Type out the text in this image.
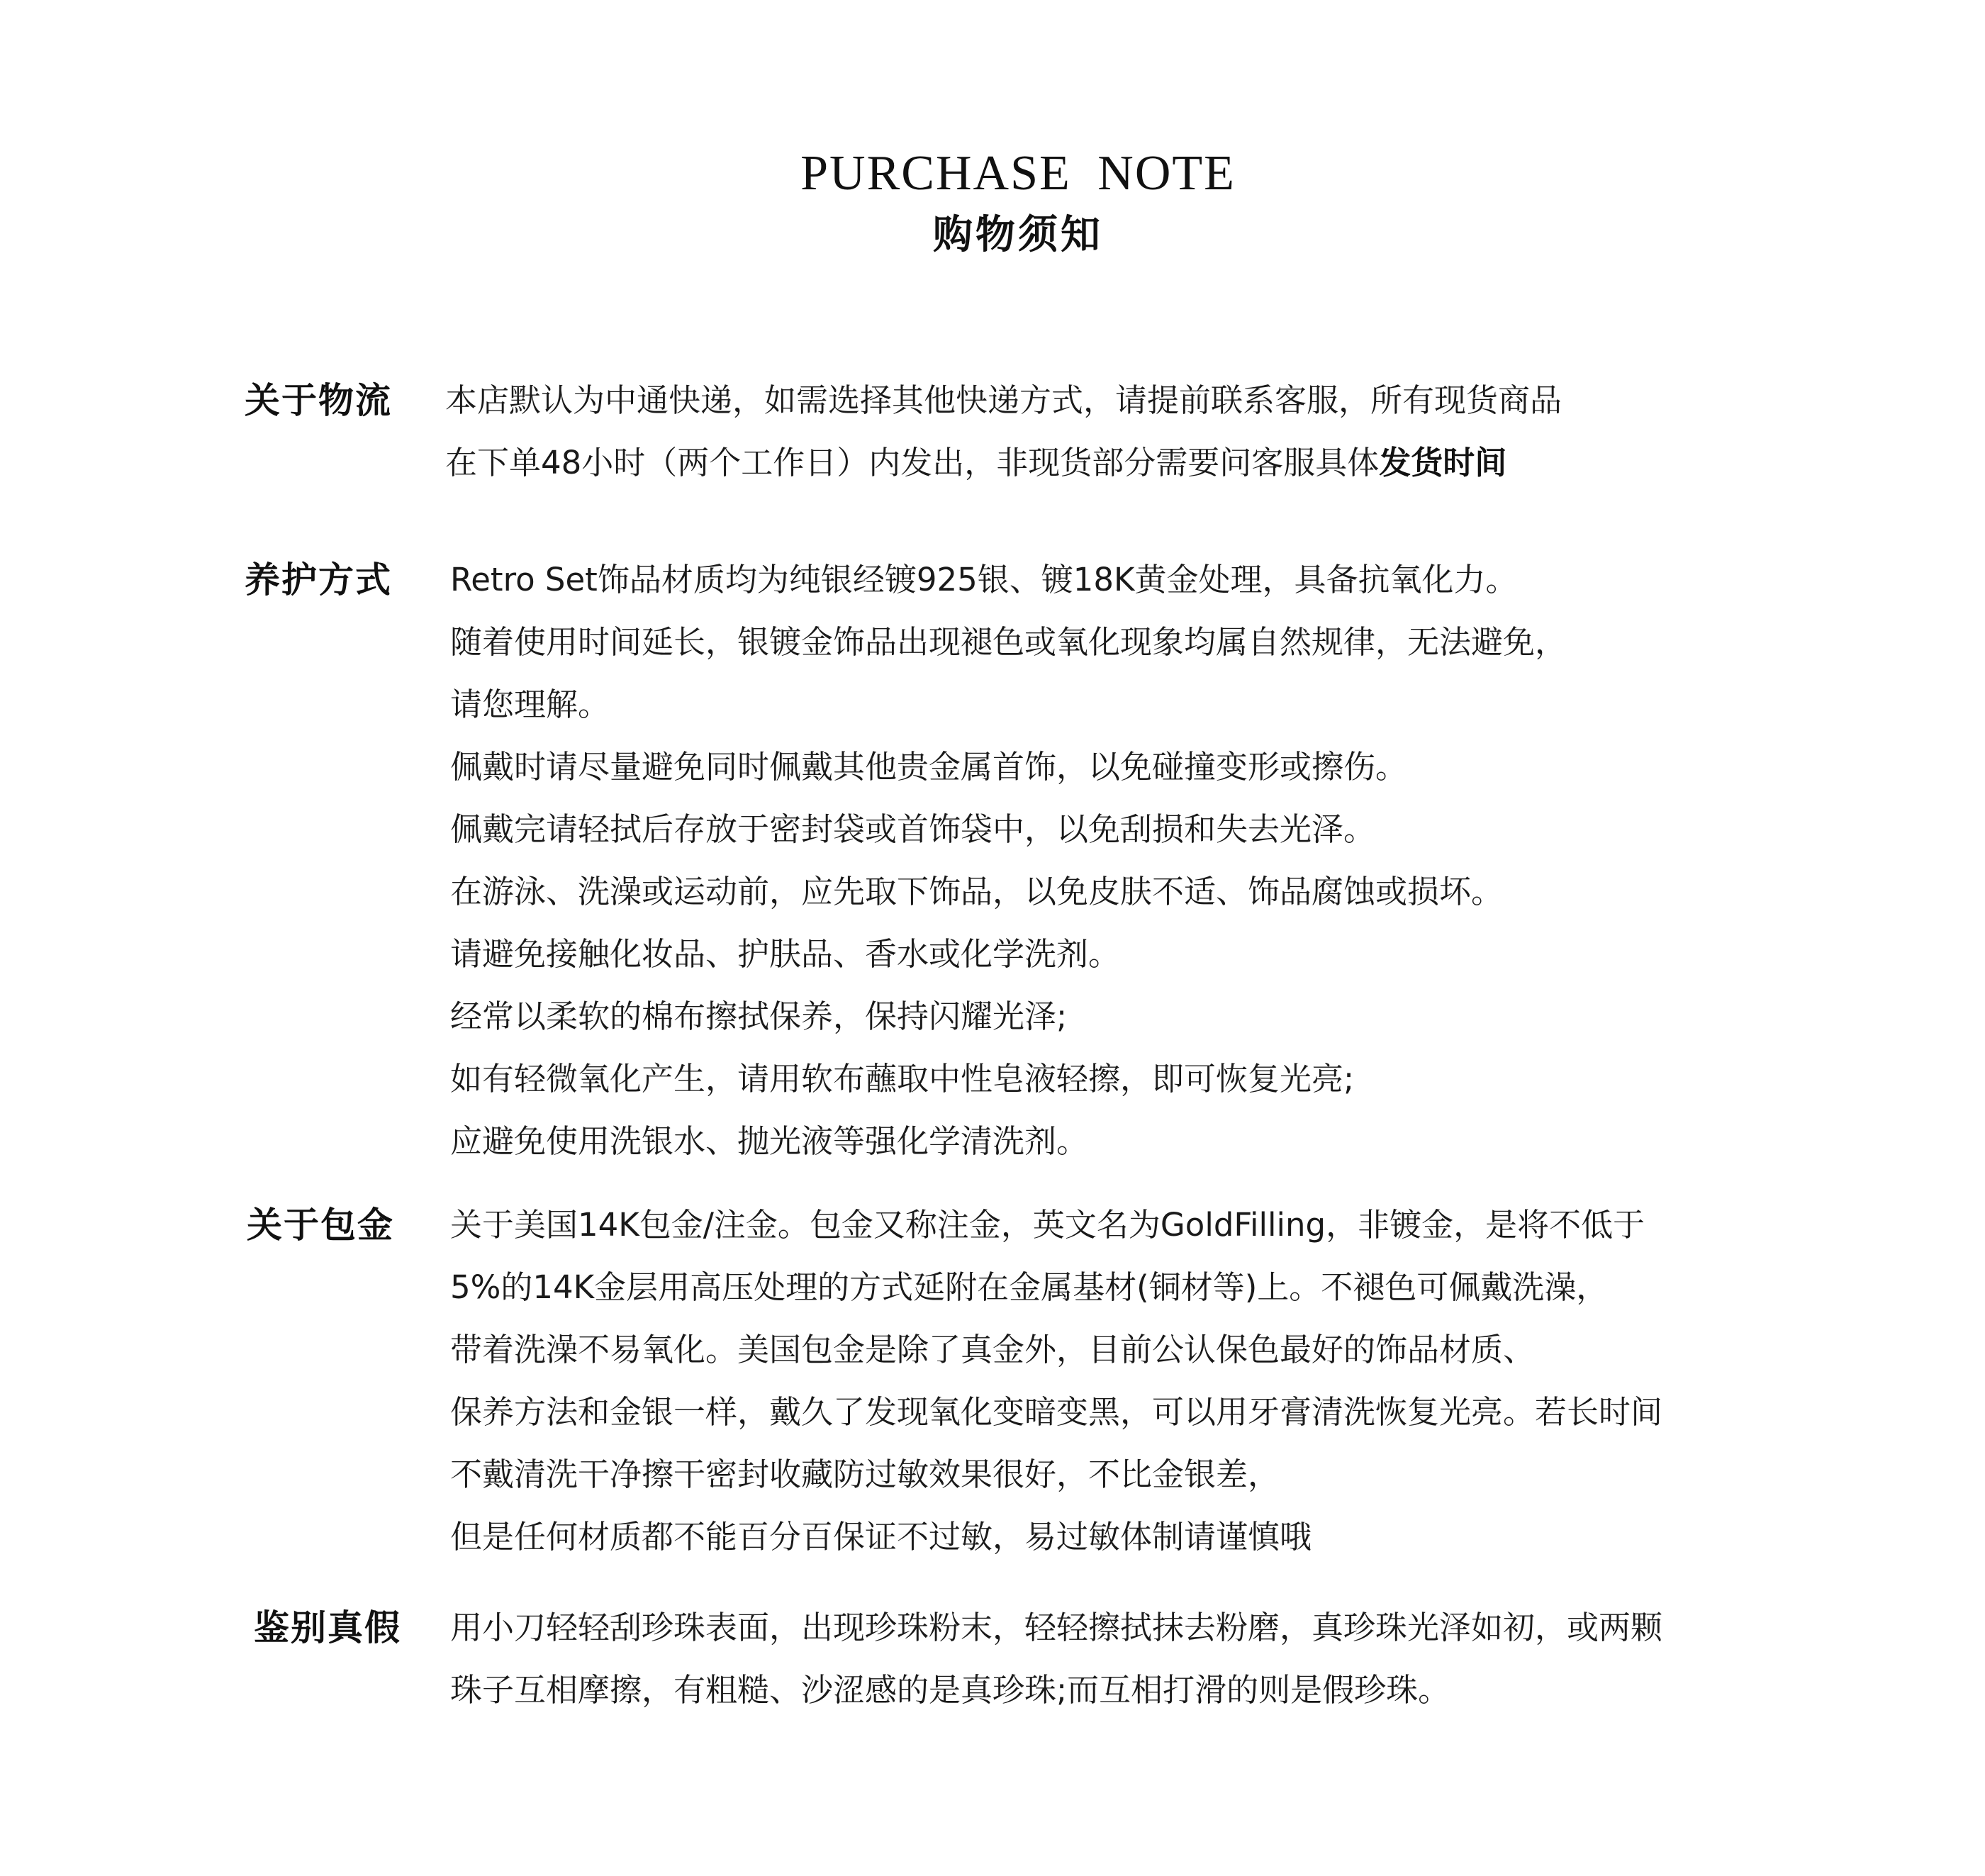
PURCHASE NOTE
购物须知
关于物流 本店默认为中通快递，如需选择其他快递方式，请提前联系客服，所有现货商品
在下单48小时（两个工作日）内发出，非现货部分需要问客服具体发货时间
养护方式 Retro Set饰品材质均为纯银经镀925银、镀18K黄金处理，具备抗氧化力。
随着使用时间延长，银镀金饰品出现褪色或氧化现象均属自然规律，无法避免，
请您理解。
佩戴时请尽量避免同时佩戴其他贵金属首饰，以免碰撞变形或擦伤。
佩戴完请轻拭后存放于密封袋或首饰袋中，以免刮损和失去光泽。
在游泳、洗澡或运动前，应先取下饰品，以免皮肤不适、饰品腐蚀或损坏。
请避免接触化妆品、护肤品、香水或化学洗剂。
经常以柔软的棉布擦拭保养，保持闪耀光泽;
如有轻微氧化产生，请用软布蘸取中性皂液轻擦，即可恢复光亮;
应避免使用洗银水、抛光液等强化学清洗剂。
关于包金 关于美国14K包金/注金。包金又称注金，英文名为GoldFilling，非镀金，是将不低于
5%的14K金层用高压处理的方式延附在金属基材(铜材等)上。不褪色可佩戴洗澡，
带着洗澡不易氧化。美国包金是除了真金外，目前公认保色最好的饰品材质、
保养方法和金银一样，戴久了发现氧化变暗变黑，可以用牙膏清洗恢复光亮。若长时间
不戴清洗干净擦干密封收藏防过敏效果很好，不比金银差，
但是任何材质都不能百分百保证不过敏，易过敏体制请谨慎哦
鉴别真假 用小刀轻轻刮珍珠表面，出现珍珠粉末，轻轻擦拭抹去粉磨，真珍珠光泽如初，或两颗
珠子互相摩擦，有粗糙、沙涩感的是真珍珠;而互相打滑的则是假珍珠。
